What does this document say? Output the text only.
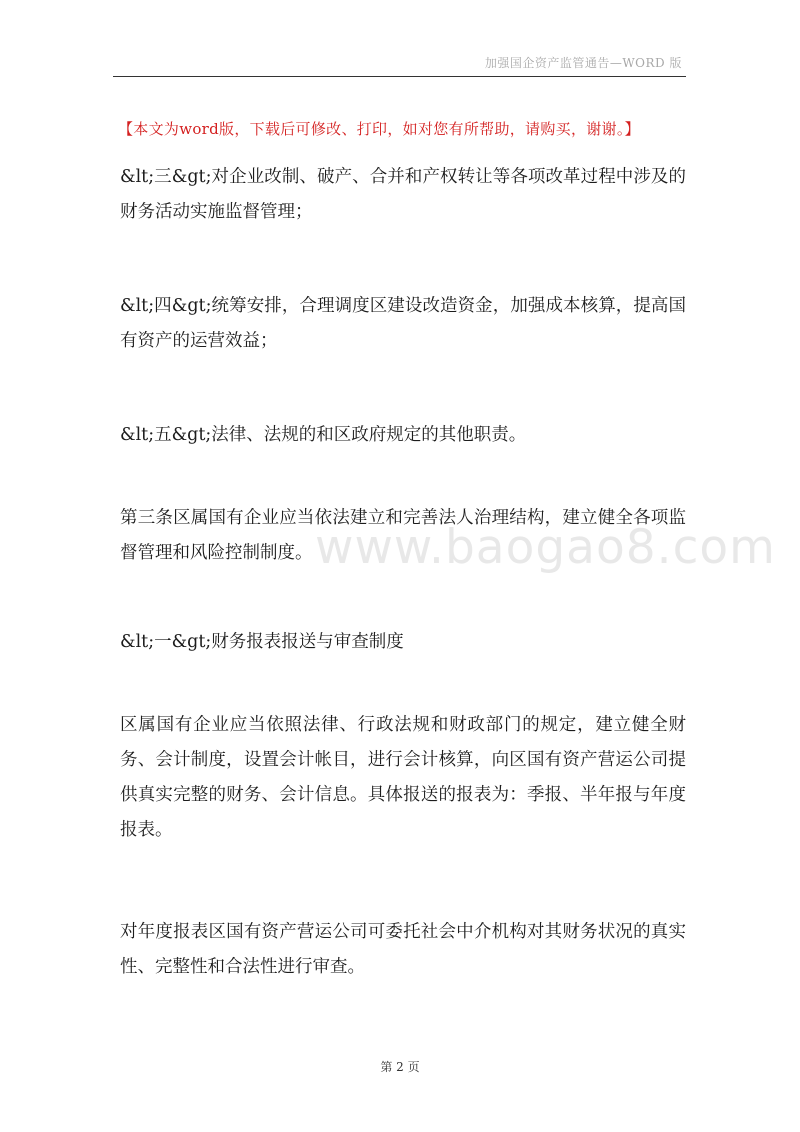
加强国企资产监管通告—WORD 版
【本文为word版，下载后可修改、打印，如对您有所帮助，请购买，谢谢。】
&lt;三&gt;对企业改制、破产、合并和产权转让等各项改革过程中涉及的财务活动实施监督管理；
&lt;四&gt;统筹安排，合理调度区建设改造资金，加强成本核算，提高国有资产的运营效益；
&lt;五&gt;法律、法规的和区政府规定的其他职责。
第三条区属国有企业应当依法建立和完善法人治理结构，建立健全各项监督管理和风险控制制度。
&lt;一&gt;财务报表报送与审查制度
区属国有企业应当依照法律、行政法规和财政部门的规定，建立健全财务、会计制度，设置会计帐目，进行会计核算，向区国有资产营运公司提供真实完整的财务、会计信息。具体报送的报表为：季报、半年报与年度报表。
对年度报表区国有资产营运公司可委托社会中介机构对其财务状况的真实性、完整性和合法性进行审查。
www.baogao8.com
第 2 页
